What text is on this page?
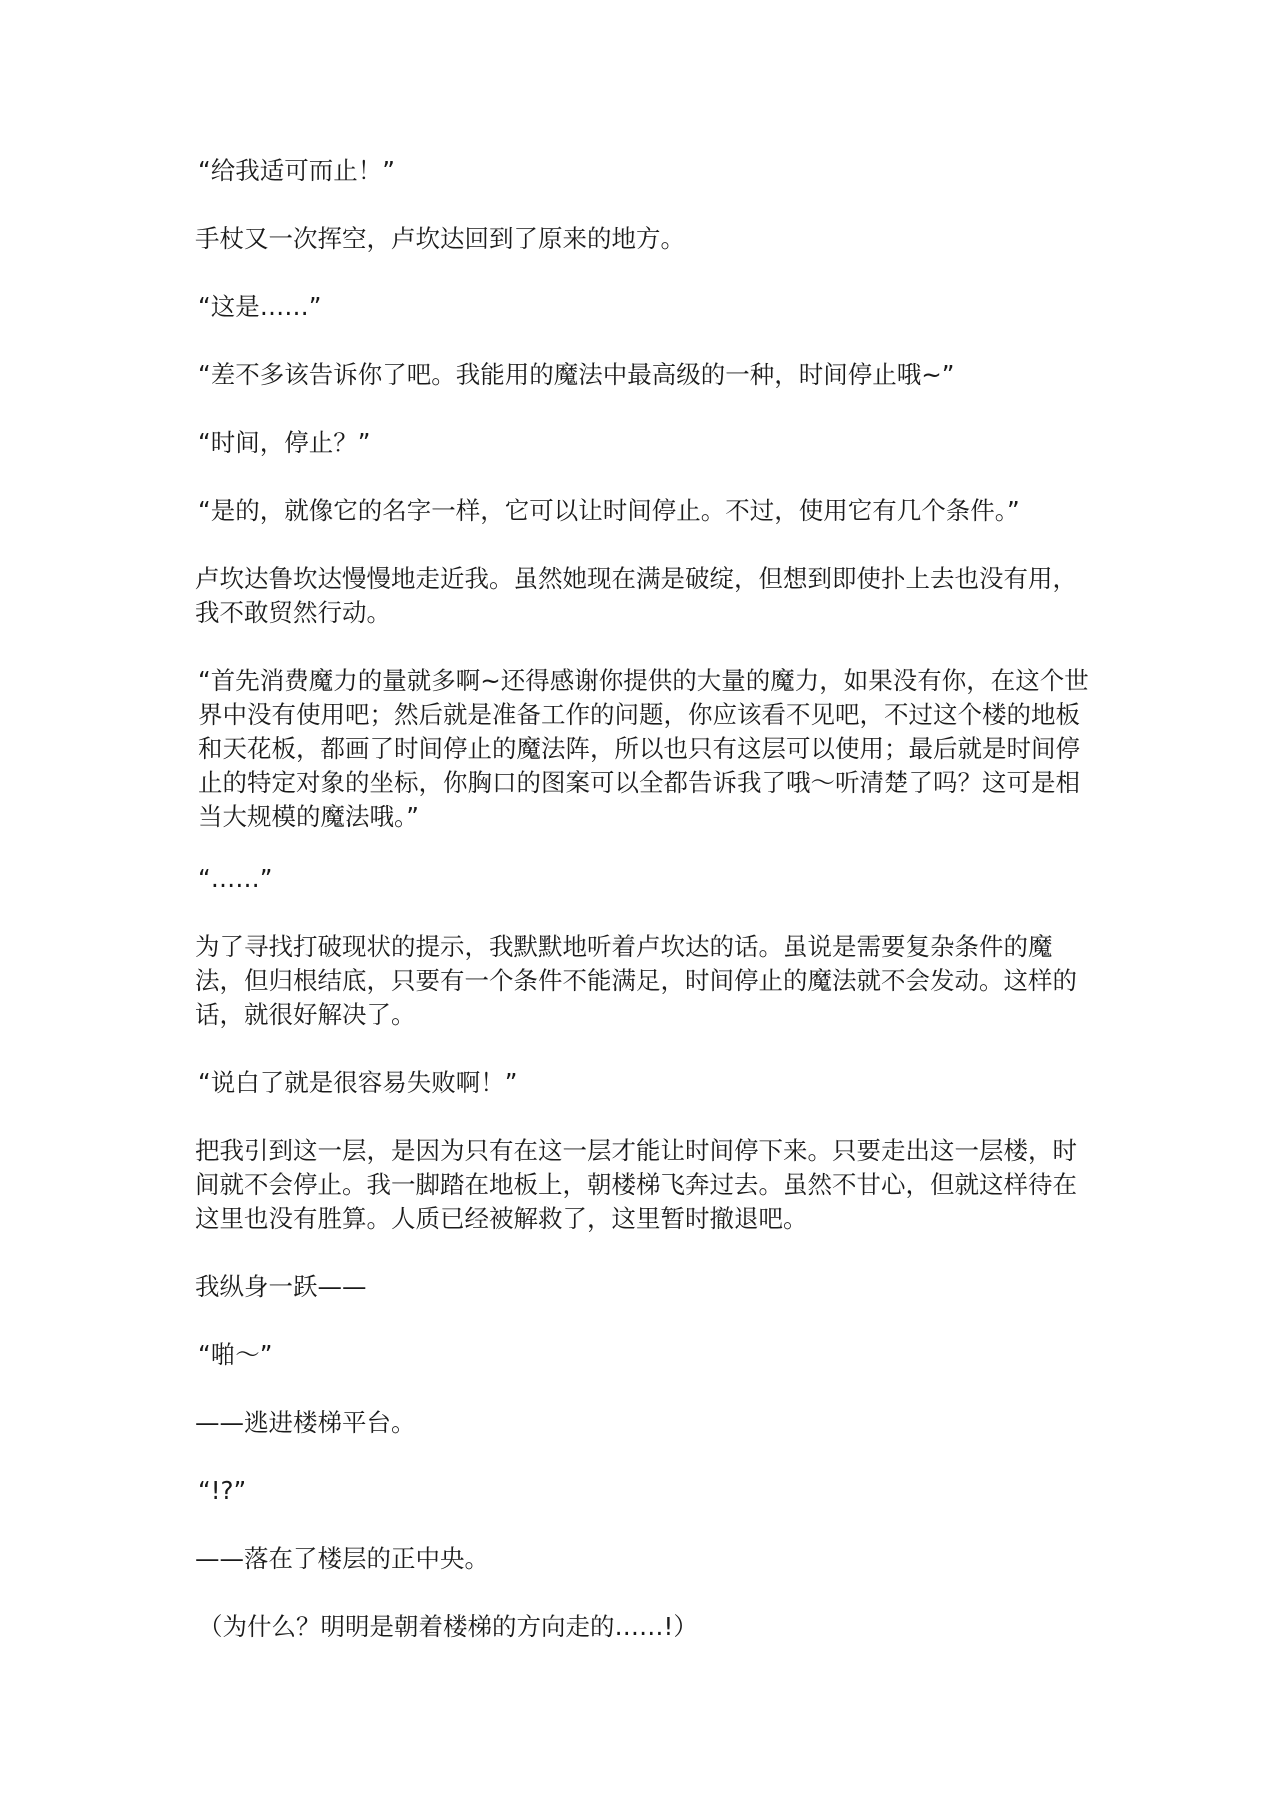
“给我适可而止！”

手杖又一次挥空，卢坎达回到了原来的地方。

“这是……”

“差不多该告诉你了吧。我能用的魔法中最高级的一种，时间停止哦~”

“时间，停止？”

“是的，就像它的名字一样，它可以让时间停止。不过，使用它有几个条件。”

卢坎达鲁坎达慢慢地走近我。虽然她现在满是破绽，但想到即使扑上去也没有用，我不敢贸然行动。

“首先消费魔力的量就多啊~还得感谢你提供的大量的魔力，如果没有你，在这个世界中没有使用吧；然后就是准备工作的问题，你应该看不见吧，不过这个楼的地板和天花板，都画了时间停止的魔法阵，所以也只有这层可以使用；最后就是时间停止的特定对象的坐标，你胸口的图案可以全都告诉我了哦～听清楚了吗？这可是相当大规模的魔法哦。”

“……”

为了寻找打破现状的提示，我默默地听着卢坎达的话。虽说是需要复杂条件的魔法，但归根结底，只要有一个条件不能满足，时间停止的魔法就不会发动。这样的话，就很好解决了。

“说白了就是很容易失败啊！”

把我引到这一层，是因为只有在这一层才能让时间停下来。只要走出这一层楼，时间就不会停止。我一脚踏在地板上，朝楼梯飞奔过去。虽然不甘心，但就这样待在这里也没有胜算。人质已经被解救了，这里暂时撤退吧。

我纵身一跃——

“啪～”

——逃进楼梯平台。

“!?”

——落在了楼层的正中央。

（为什么？明明是朝着楼梯的方向走的……!）
